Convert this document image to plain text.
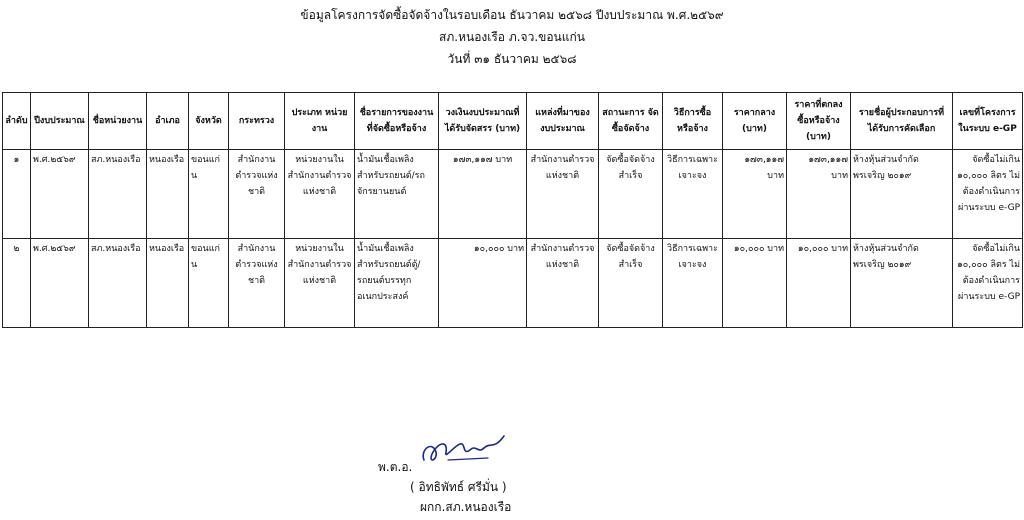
ข้อมูลโครงการจัดซื้อจัดจ้างในรอบเดือน ธันวาคม ๒๕๖๘ ปีงบประมาณ พ.ศ.๒๕๖๙
สภ.หนองเรือ ภ.จว.ขอนแก่น
วันที่ ๓๑ ธันวาคม ๒๕๖๘
ลำดับ	ปีงบประมาณ	ชื่อหน่วยงาน	อำเภอ	จังหวัด	กระทรวง	ประเภท หน่วยงาน	ชื่อรายการของงาน ที่จัดซื้อหรือจ้าง	วงเงินงบประมาณที่ ได้รับจัดสรร (บาท)	แหล่งที่มาของ งบประมาณ	สถานะการ จัดซื้อจัดจ้าง	วิธีการซื้อ หรือจ้าง	ราคากลาง (บาท)	ราคาที่ตกลง ซื้อหรือจ้าง (บาท)	รายชื่อผู้ประกอบการที่ ได้รับการคัดเลือก	เลขที่โครงการ ในระบบ e-GP
๑	พ.ศ.๒๕๖๙	สภ.หนองเรือ	หนองเรือ	ขอนแก่น	สำนักงานตำรวจแห่งชาติ	หน่วยงานในสำนักงานตำรวจแห่งชาติ	น้ำมันเชื้อเพลิงสำหรับรถยนต์/รถจักรยานยนต์	๑๗๓,๑๑๗ บาท	สำนักงานตำรวจแห่งชาติ	จัดซื้อจัดจ้างสำเร็จ	วิธีการเฉพาะเจาะจง	๑๗๓,๑๑๗ บาท	๑๗๓,๑๑๗ บาท	ห้างหุ้นส่วนจำกัด พรเจริญ ๒๐๑๙	จัดซื้อไม่เกิน ๑๐,๐๐๐ ลิตร ไม่ต้องดำเนินการผ่านระบบ e-GP
๒	พ.ศ.๒๕๖๙	สภ.หนองเรือ	หนองเรือ	ขอนแก่น	สำนักงานตำรวจแห่งชาติ	หน่วยงานในสำนักงานตำรวจแห่งชาติ	น้ำมันเชื้อเพลิงสำหรับรถยนต์ตู้/รถยนต์บรรทุกอเนกประสงค์	๑๐,๐๐๐ บาท	สำนักงานตำรวจแห่งชาติ	จัดซื้อจัดจ้างสำเร็จ	วิธีการเฉพาะเจาะจง	๑๐,๐๐๐ บาท	๑๐,๐๐๐ บาท	ห้างหุ้นส่วนจำกัด พรเจริญ ๒๐๑๙	จัดซื้อไม่เกิน ๑๐,๐๐๐ ลิตร ไม่ต้องดำเนินการผ่านระบบ e-GP
พ.ต.อ.
( อิทธิพัทธ์ ศรีมั่น )
ผกก.สภ.หนองเรือ
